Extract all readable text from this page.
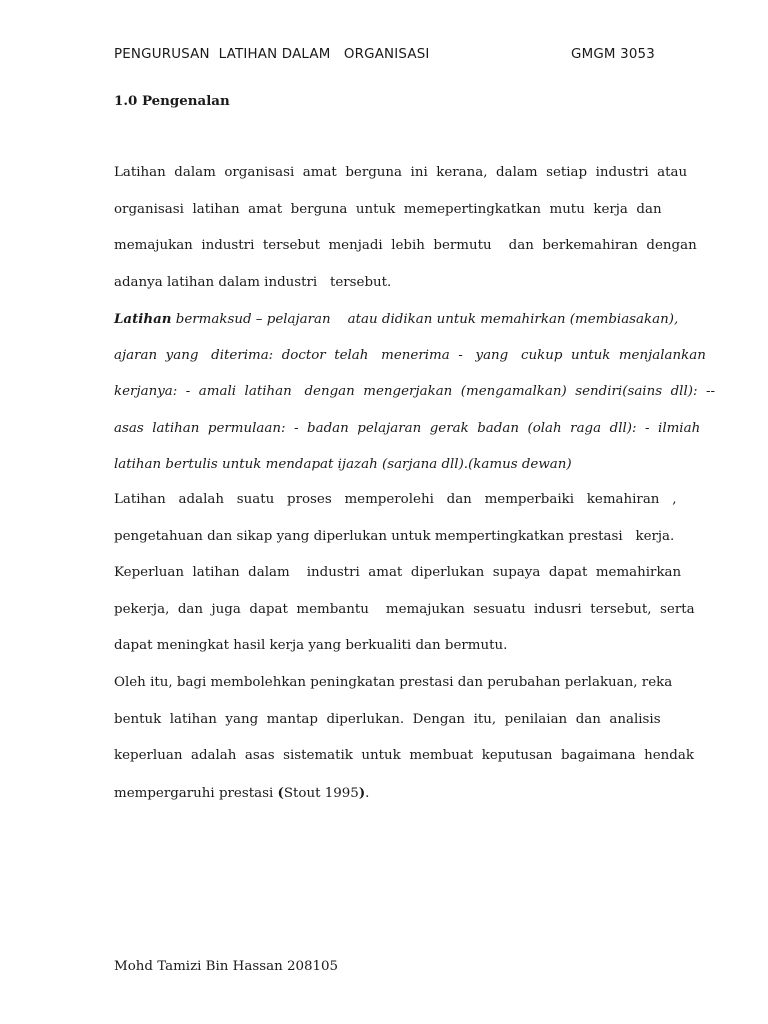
PENGURUSAN  LATIHAN DALAM   ORGANISASI	GMGM 3053
1.0 Pengenalan
Latihan  dalam  organisasi  amat  berguna  ini  kerana,  dalam  setiap  industri  atau
organisasi  latihan  amat  berguna  untuk  memepertingkatkan  mutu  kerja  dan
memajukan  industri  tersebut  menjadi  lebih  bermutu    dan  berkemahiran  dengan
adanya latihan dalam industri   tersebut.
Latihan bermaksud – pelajaran    atau didikan untuk memahirkan (membiasakan),
ajaran  yang   diterima:  doctor  telah   menerima  -   yang   cukup  untuk  menjalankan
kerjanya:  -  amali  latihan   dengan  mengerjakan  (mengamalkan)  sendiri(sains  dll):  --
asas  latihan  permulaan:  -  badan  pelajaran  gerak  badan  (olah  raga  dll):  -  ilmiah
latihan bertulis untuk mendapat ijazah (sarjana dll).(kamus dewan)
Latihan   adalah   suatu   proses   memperolehi   dan   memperbaiki   kemahiran   ,
pengetahuan dan sikap yang diperlukan untuk mempertingkatkan prestasi   kerja.
Keperluan  latihan  dalam    industri  amat  diperlukan  supaya  dapat  memahirkan
pekerja,  dan  juga  dapat  membantu    memajukan  sesuatu  indusri  tersebut,  serta
dapat meningkat hasil kerja yang berkualiti dan bermutu.
Oleh itu, bagi membolehkan peningkatan prestasi dan perubahan perlakuan, reka
bentuk  latihan  yang  mantap  diperlukan.  Dengan  itu,  penilaian  dan  analisis
keperluan  adalah  asas  sistematik  untuk  membuat  keputusan  bagaimana  hendak
mempergaruhi prestasi (Stout 1995).
Mohd Tamizi Bin Hassan 208105
